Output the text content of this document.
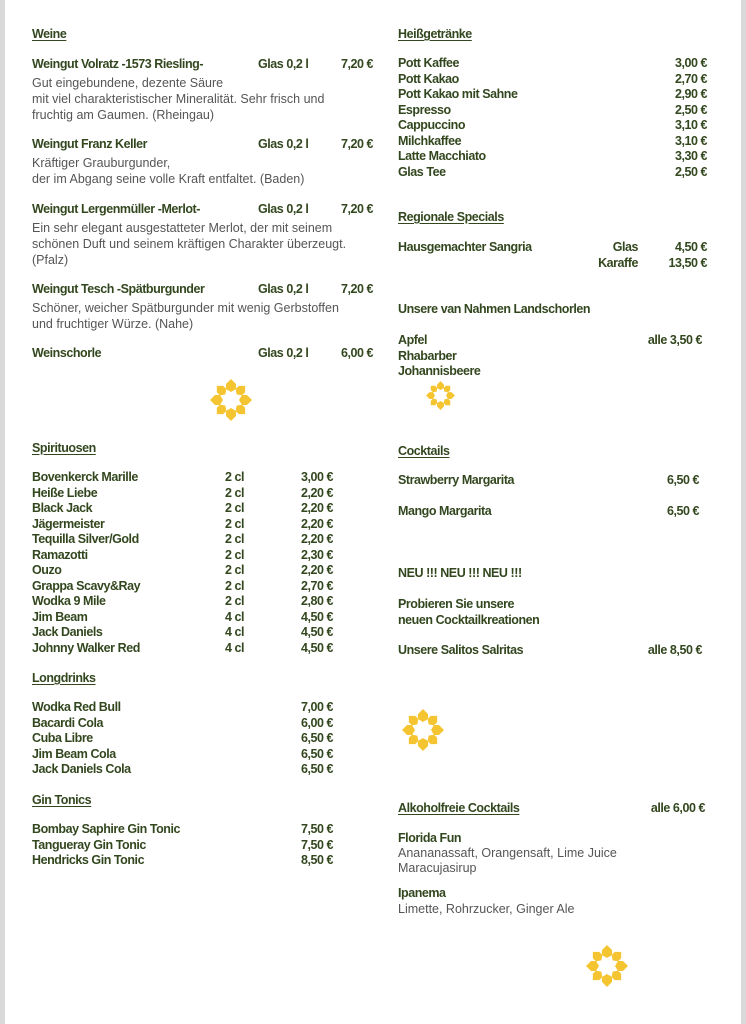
Weine
Weingut Volratz -1573 Riesling-	Glas 0,2 l	7,20 €
Gut eingebundene, dezente Säure
mit viel charakteristischer Mineralität. Sehr frisch und
fruchtig am Gaumen. (Rheingau)
Weingut Franz Keller	Glas 0,2 l	7,20 €
Kräftiger Grauburgunder,
der im Abgang seine volle Kraft entfaltet. (Baden)
Weingut Lergenmüller -Merlot-	Glas 0,2 l	7,20 €
Ein sehr elegant ausgestatteter Merlot, der mit seinem
schönen Duft und seinem kräftigen Charakter überzeugt.
(Pfalz)
Weingut Tesch -Spätburgunder	Glas 0,2 l	7,20 €
Schöner, weicher Spätburgunder mit wenig Gerbstoffen
und fruchtiger Würze. (Nahe)
Weinschorle	Glas 0,2 l	6,00 €
Spirituosen
Bovenkerck Marille	2 cl	3,00 €
Heiße Liebe	2 cl	2,20 €
Black Jack	2 cl	2,20 €
Jägermeister	2 cl	2,20 €
Tequilla Silver/Gold	2 cl	2,20 €
Ramazotti	2 cl	2,30 €
Ouzo	2 cl	2,20 €
Grappa Scavy&Ray	2 cl	2,70 €
Wodka 9 Mile	2 cl	2,80 €
Jim Beam	4 cl	4,50 €
Jack Daniels	4 cl	4,50 €
Johnny Walker Red	4 cl	4,50 €
Longdrinks
Wodka Red Bull	7,00 €
Bacardi Cola	6,00 €
Cuba Libre	6,50 €
Jim Beam Cola	6,50 €
Jack Daniels Cola	6,50 €
Gin Tonics
Bombay Saphire Gin Tonic	7,50 €
Tangueray Gin Tonic	7,50 €
Hendricks Gin Tonic	8,50 €
Heißgetränke
Pott Kaffee	3,00 €
Pott Kakao	2,70 €
Pott Kakao mit Sahne	2,90 €
Espresso	2,50 €
Cappuccino	3,10 €
Milchkaffee	3,10 €
Latte Macchiato	3,30 €
Glas Tee	2,50 €
Regionale Specials
Hausgemachter Sangria	Glas	4,50 €
Karaffe	13,50 €
Unsere van Nahmen Landschorlen
Apfel
Rhabarber
Johannisbeere
alle 3,50 €
Cocktails
Strawberry Margarita	6,50 €
Mango Margarita	6,50 €
NEU !!! NEU !!! NEU !!!
Probieren Sie unsere
neuen Cocktailkreationen
Unsere Salitos Salritas	alle 8,50 €
Alkoholfreie Cocktails	alle 6,00 €
Florida Fun
Anananassaft, Orangensaft, Lime Juice
Maracujasirup
Ipanema
Limette, Rohrzucker, Ginger Ale
